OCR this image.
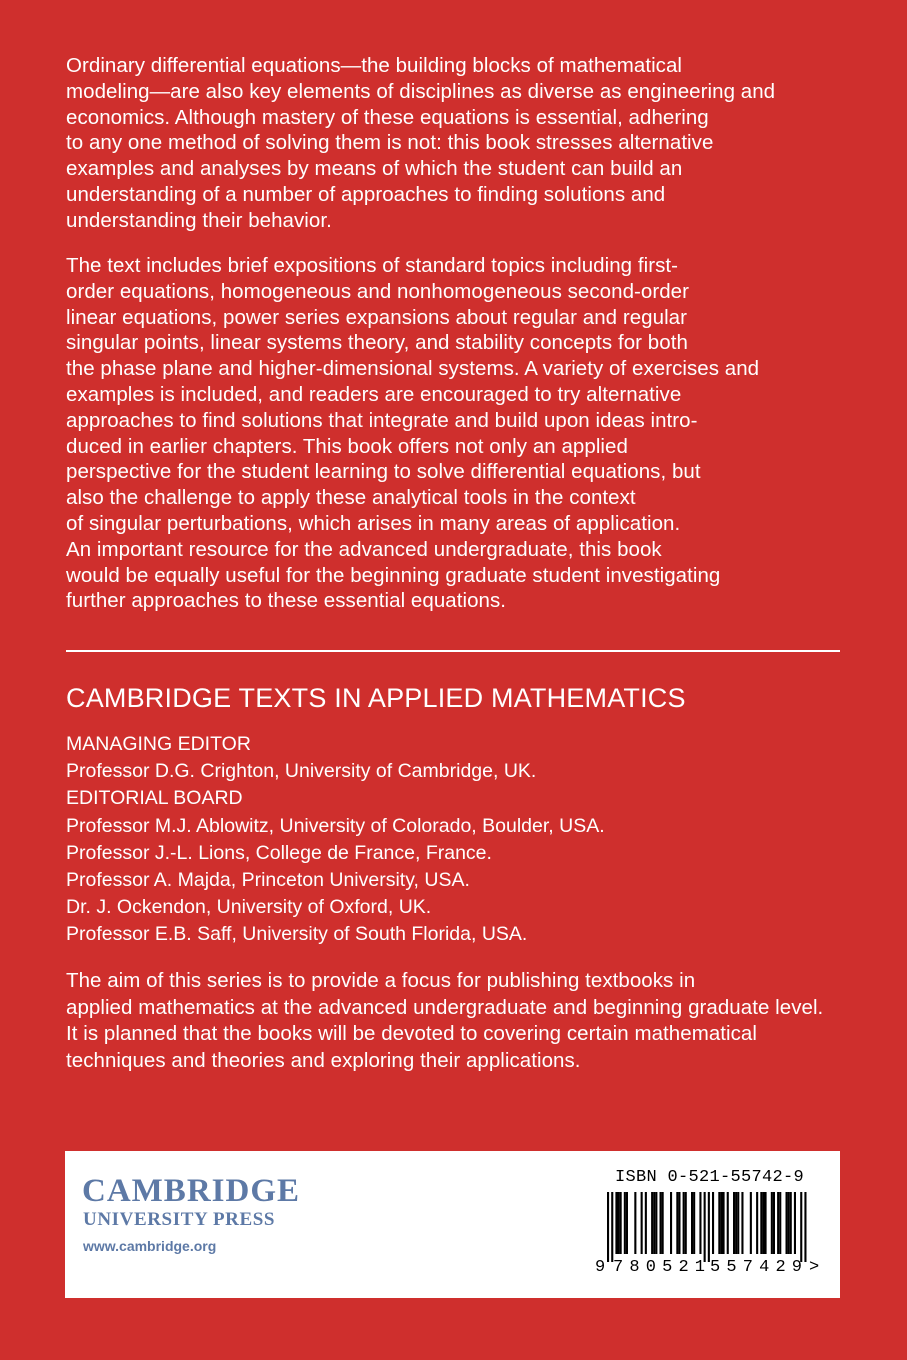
Ordinary differential equations—the building blocks of mathematical
modeling—are also key elements of disciplines as diverse as engineering and
economics. Although mastery of these equations is essential, adhering
to any one method of solving them is not: this book stresses alternative
examples and analyses by means of which the student can build an
understanding of a number of approaches to finding solutions and
understanding their behavior.

The text includes brief expositions of standard topics including first-
order equations, homogeneous and nonhomogeneous second-order
linear equations, power series expansions about regular and regular
singular points, linear systems theory, and stability concepts for both
the phase plane and higher-dimensional systems. A variety of exercises and
examples is included, and readers are encouraged to try alternative
approaches to find solutions that integrate and build upon ideas intro-
duced in earlier chapters. This book offers not only an applied
perspective for the student learning to solve differential equations, but
also the challenge to apply these analytical tools in the context
of singular perturbations, which arises in many areas of application.
An important resource for the advanced undergraduate, this book
would be equally useful for the beginning graduate student investigating
further approaches to these essential equations.

CAMBRIDGE TEXTS IN APPLIED MATHEMATICS
MANAGING EDITOR
Professor D.G. Crighton, University of Cambridge, UK.
EDITORIAL BOARD
Professor M.J. Ablowitz, University of Colorado, Boulder, USA.
Professor J.-L. Lions, College de France, France.
Professor A. Majda, Princeton University, USA.
Dr. J. Ockendon, University of Oxford, UK.
Professor E.B. Saff, University of South Florida, USA.

The aim of this series is to provide a focus for publishing textbooks in
applied mathematics at the advanced undergraduate and beginning graduate level.
It is planned that the books will be devoted to covering certain mathematical
techniques and theories and exploring their applications.

CAMBRIDGE
UNIVERSITY PRESS
www.cambridge.org
ISBN 0-521-55742-9
9 780521 557429 >
